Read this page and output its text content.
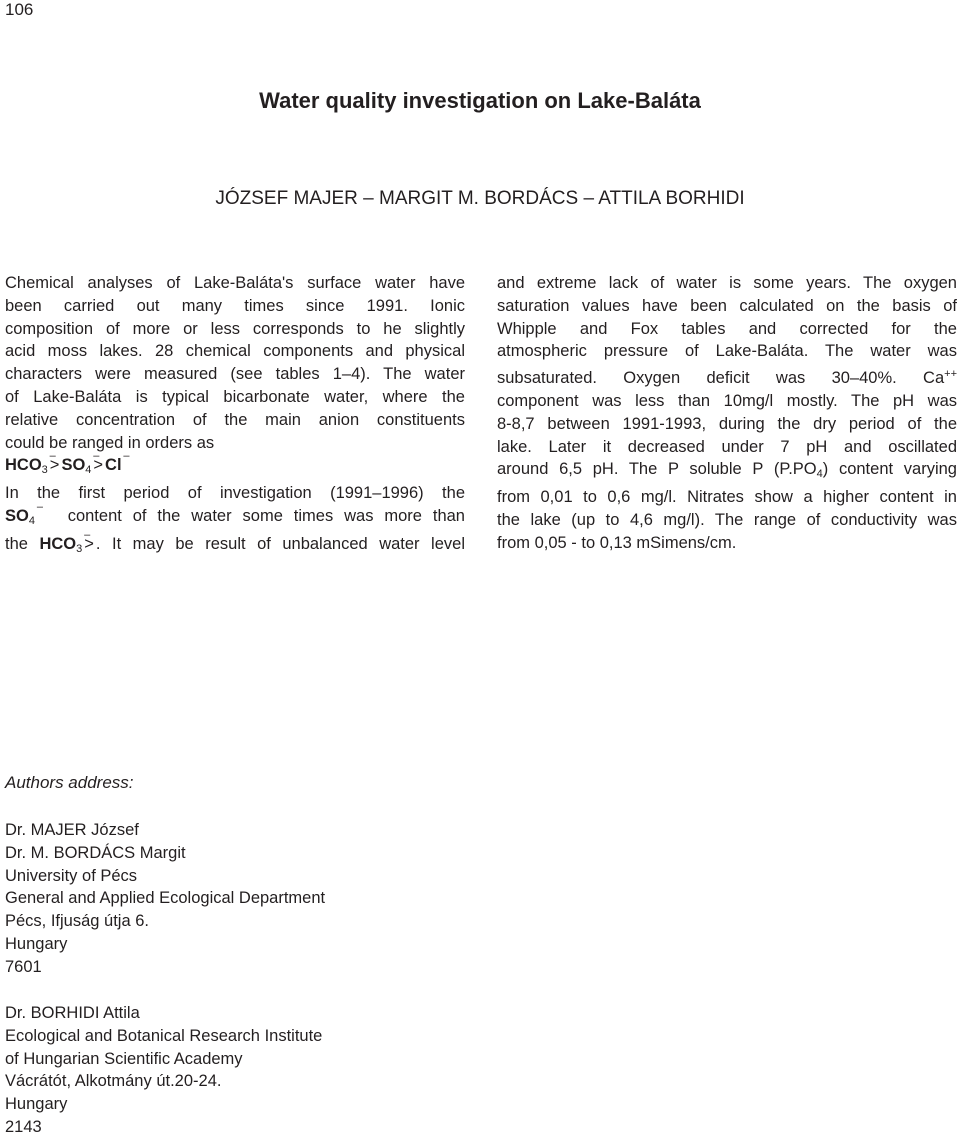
106
Water quality investigation on Lake-Baláta
JÓZSEF MAJER – MARGIT M. BORDÁCS – ATTILA BORHIDI
Chemical analyses of Lake-Baláta's surface water have
been carried out many times since 1991. Ionic
composition of more or less corresponds to he slightly
acid moss lakes. 28 chemical components and physical
characters were measured (see tables 1–4). The water
of Lake-Baláta is typical bicarbonate water, where the
relative concentration of the main anion constituents
could be ranged in orders as
$HCO_3$ – > $SO_4$ – > Cl –
In the first period of investigation (1991–1996) the
$SO_4$ – content of the water some times was more than
the $HCO_3$ – > . It may be result of unbalanced water level
and extreme lack of water is some years. The oxygen
saturation values have been calculated on the basis of
Whipple and Fox tables and corrected for the
atmospheric pressure of Lake-Baláta. The water was
subsaturated. Oxygen deficit was 30–40%. Ca++
component was less than 10mg/l mostly. The pH was
8-8,7 between 1991-1993, during the dry period of the
lake. Later it decreased under 7 pH and oscillated
around 6,5 pH. The P soluble P $(P.PO_4)$ content varying
from 0,01 to 0,6 mg/l. Nitrates show a higher content in
the lake (up to 4,6 mg/l). The range of conductivity was
from 0,05 - to 0,13 mSimens/cm.
Authors address:
Dr. MAJER József
Dr. M. BORDÁCS Margit
University of Pécs
General and Applied Ecological Department
Pécs, Ifjuság útja 6.
Hungary
7601
Dr. BORHIDI Attila
Ecological and Botanical Research Institute
of Hungarian Scientific Academy
Vácrátót, Alkotmány út.20-24.
Hungary
2143
